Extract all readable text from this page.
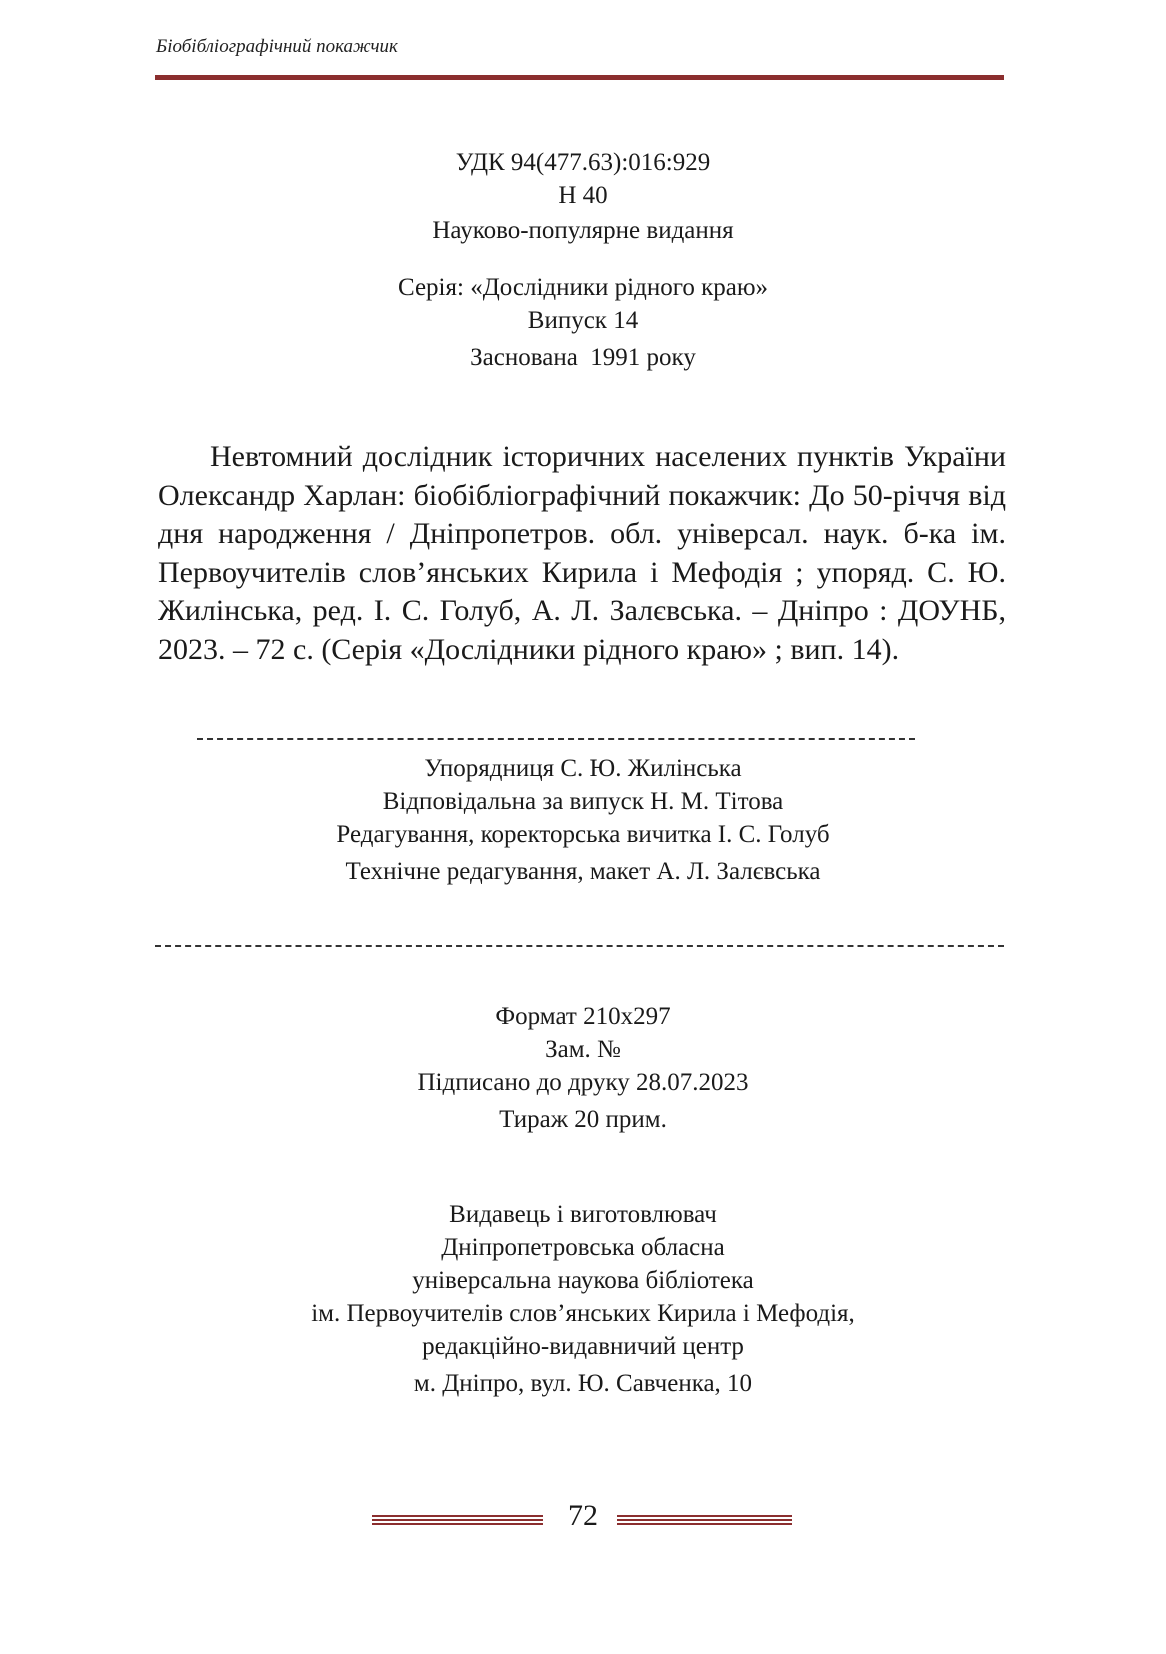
Біобібліографічний покажчик
УДК 94(477.63):016:929
Н 40
Науково-популярне видання
Серія: «Дослідники рідного краю»
Випуск 14
Заснована  1991 року
Невтомний дослідник історичних населених пунктів України Олександр Харлан: біобібліографічний покажчик: До 50-річчя від дня народження / Дніпропетров. обл. універсал. наук. б-ка ім. Первоучителів слов’янських Кирила і Мефодія ; упоряд. С. Ю. Жилінська, ред. І. С. Голуб, А. Л. Залєвська. – Дніпро : ДОУНБ, 2023. – 72 с. (Серія «Дослідники рідного краю» ; вип. 14).
Упорядниця С. Ю. Жилінська
Відповідальна за випуск Н. М. Тітова
Редагування, коректорська вичитка І. С. Голуб
Технічне редагування, макет А. Л. Залєвська
Формат 210х297
Зам. №
Підписано до друку 28.07.2023
Тираж 20 прим.
Видавець і виготовлювач
Дніпропетровська обласна
універсальна наукова бібліотека
ім. Первоучителів слов’янських Кирила і Мефодія,
редакційно-видавничий центр
м. Дніпро, вул. Ю. Савченка, 10
72
